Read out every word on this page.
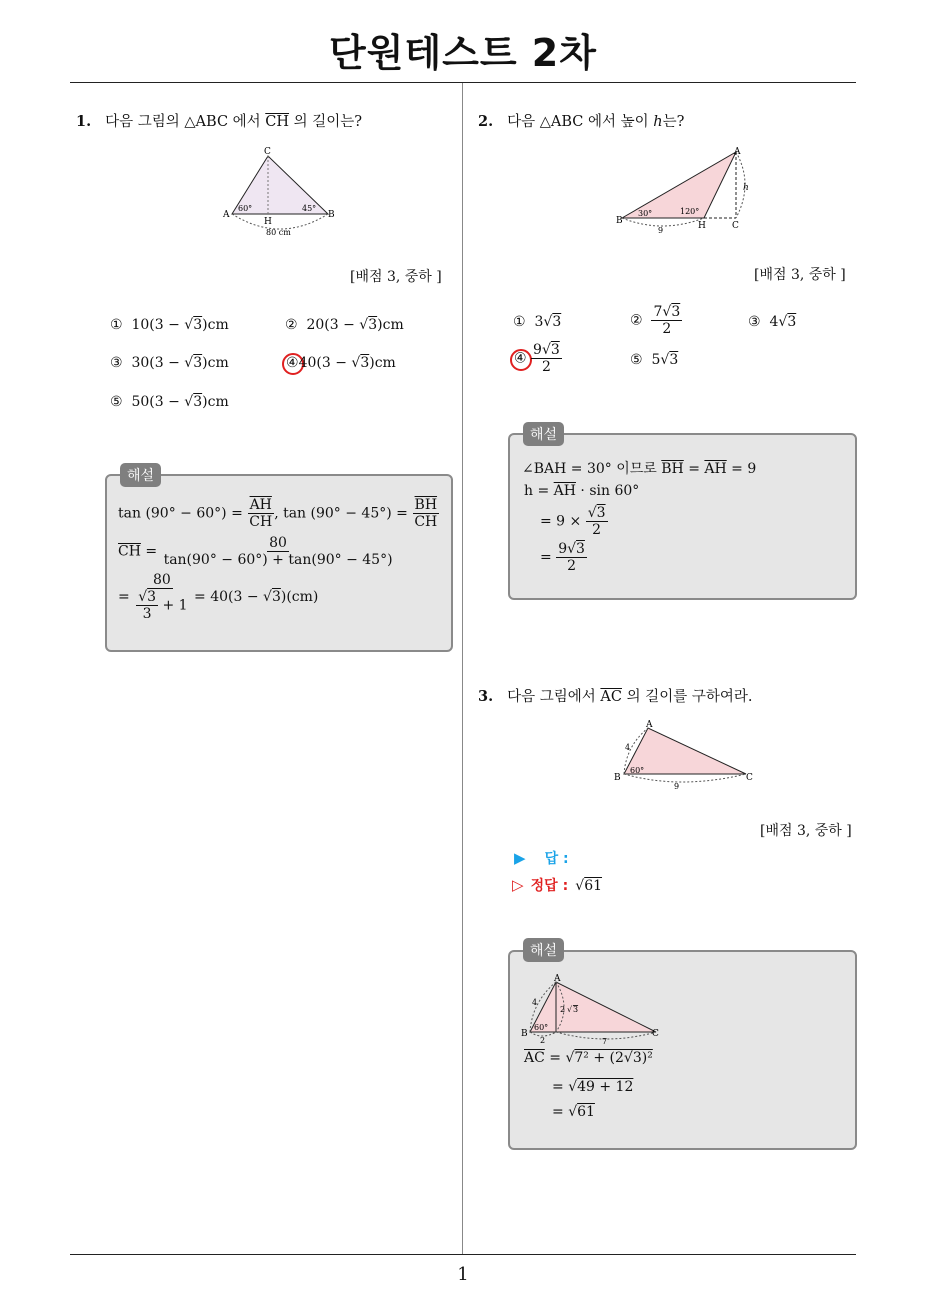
단원테스트 2차
1
1. 다음 그림의 △ABC 에서 $\overline{CH}$ 의 길이는?
C
A	B
H
60°	45°
80 cm
[배점 3, 중하 ]
① 10(3 − √3)cm	② 20(3 − √3)cm
③ 30(3 − √3)cm	④40(3 − √3)cm
⑤ 50(3 − √3)cm
해설
$\tan (90^\circ - 60^\circ) = \frac{\overline{AH}}{CH}$ , $\tan (90^\circ - 45^\circ) = \frac{\overline{BH}}{CH}$
$\overline{CH} = \frac{80}{\tan(90^\circ - 60^\circ) + \tan(90^\circ - 45^\circ)}$
= $\frac{80}{\frac{√3}{3} + 1} = 40(3 - √3)(cm)$
2. 다음 △ABC 에서 높이 h는?
A
B	H	C
h
30°	120°
9
[배점 3, 중하 ]
① 3√3	② $\frac{7√3}{2}$	③ 4√3
④ $\frac{9√3}{2}$	⑤ 5√3
해설
∠BAH = 30° 이므로 $\overline{BH} = \overline{AH} = 9$
$h = \overline{AH} \cdot \sin 60^\circ$
= $9 \times \frac{√3}{2}$
= $\frac{9√3}{2}$
3. 다음 그림에서 $\overline{AC}$ 의 길이를 구하여라.
A
B	C
4
60°
9
[배점 3, 중하 ]
▶ 답 :
▷ 정답 : √61
해설
A
B	C
4
2 √ 3
60°
2	7
$\overline{AC} = √7^2 + (2√3)^2$
= √49 + 12
= √61
